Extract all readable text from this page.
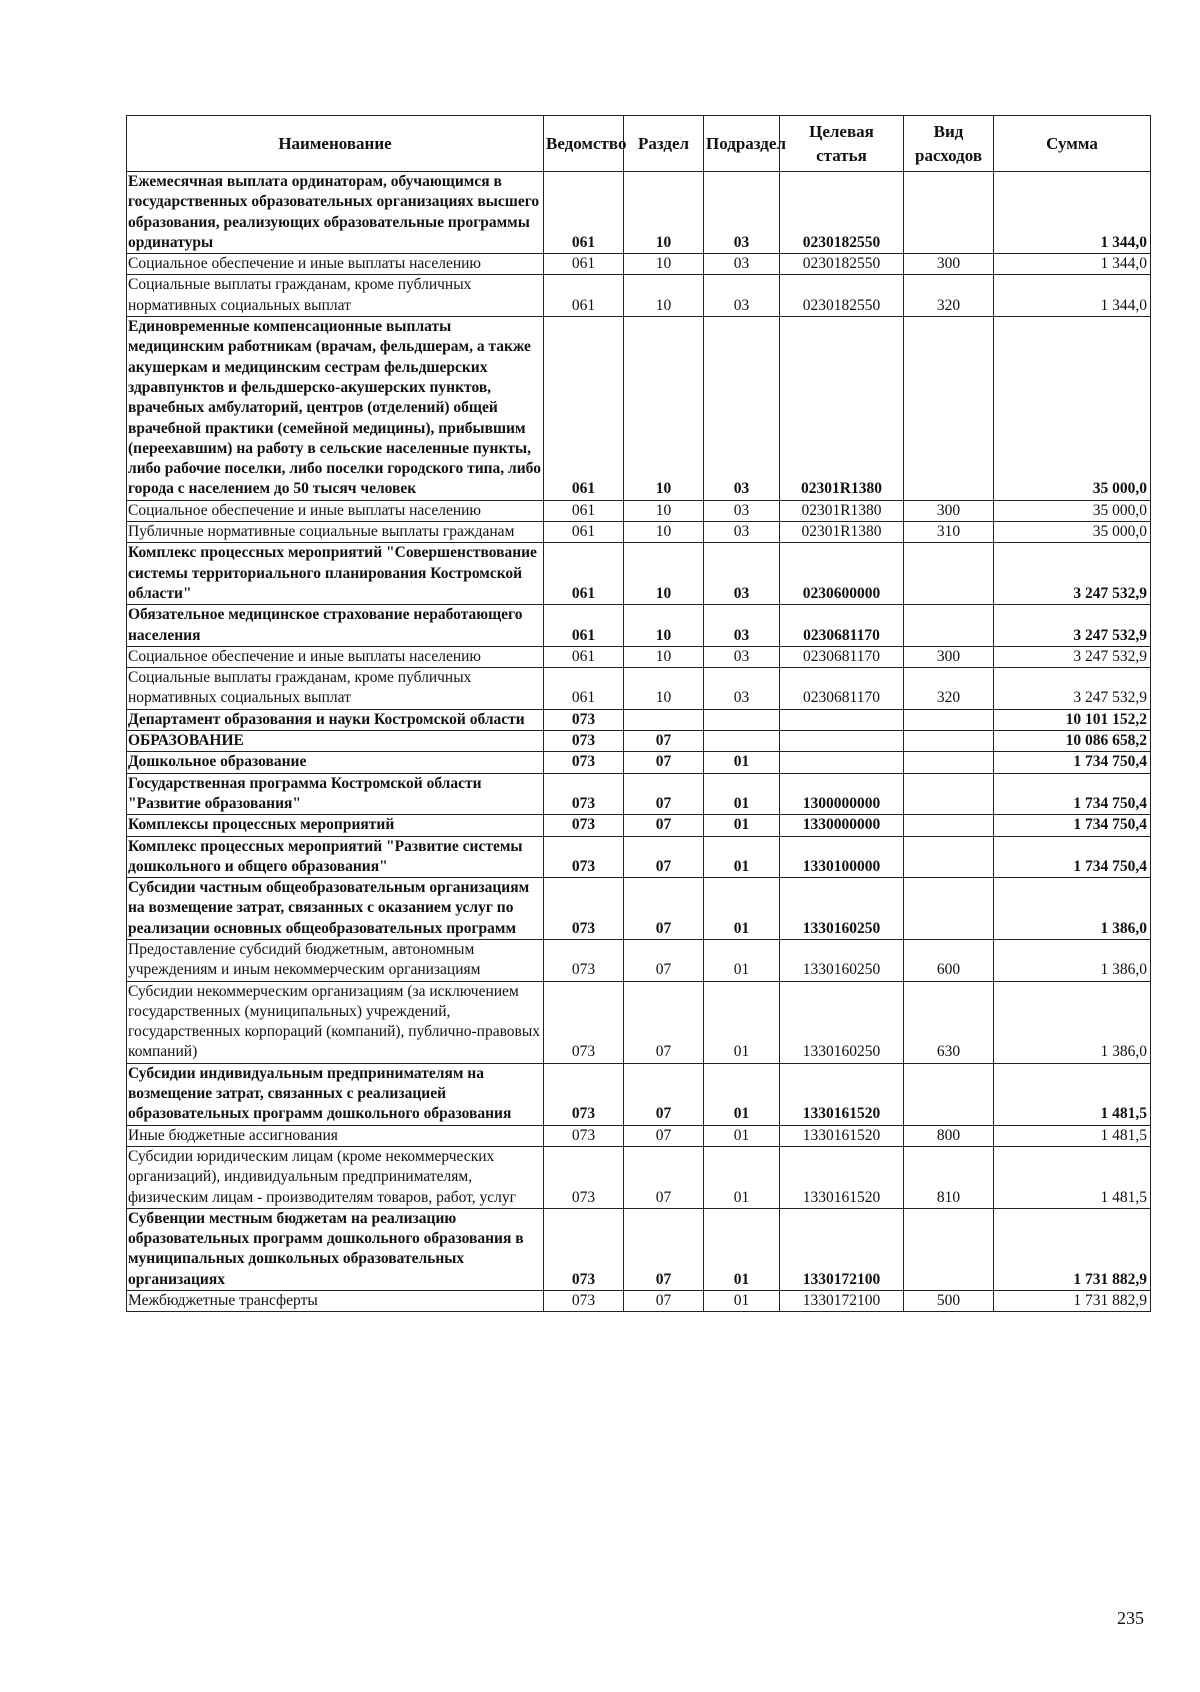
Наименование	Ведомство	Раздел	Подраздел	Целевая статья	Вид расходов	Сумма
Ежемесячная выплата ординаторам, обучающимся в государственных образовательных организациях высшего образования, реализующих образовательные программы ординатуры	061	10	03	0230182550		1 344,0
Социальное обеспечение и иные выплаты населению	061	10	03	0230182550	300	1 344,0
Социальные выплаты гражданам, кроме публичных нормативных социальных выплат	061	10	03	0230182550	320	1 344,0
Единовременные компенсационные выплаты медицинским работникам (врачам, фельдшерам, а также акушеркам и медицинским сестрам фельдшерских здравпунктов и фельдшерско-акушерских пунктов, врачебных амбулаторий, центров (отделений) общей врачебной практики (семейной медицины), прибывшим (переехавшим) на работу в сельские населенные пункты, либо рабочие поселки, либо поселки городского типа, либо города с населением до 50 тысяч человек	061	10	03	02301R1380		35 000,0
Социальное обеспечение и иные выплаты населению	061	10	03	02301R1380	300	35 000,0
Публичные нормативные социальные выплаты гражданам	061	10	03	02301R1380	310	35 000,0
Комплекс процессных мероприятий "Совершенствование системы территориального планирования Костромской области"	061	10	03	0230600000		3 247 532,9
Обязательное медицинское страхование неработающего населения	061	10	03	0230681170		3 247 532,9
Социальное обеспечение и иные выплаты населению	061	10	03	0230681170	300	3 247 532,9
Социальные выплаты гражданам, кроме публичных нормативных социальных выплат	061	10	03	0230681170	320	3 247 532,9
Департамент образования и науки Костромской области	073					10 101 152,2
ОБРАЗОВАНИЕ	073	07				10 086 658,2
Дошкольное образование	073	07	01			1 734 750,4
Государственная программа Костромской области "Развитие образования"	073	07	01	1300000000		1 734 750,4
Комплексы процессных мероприятий	073	07	01	1330000000		1 734 750,4
Комплекс процессных мероприятий "Развитие системы дошкольного и общего образования"	073	07	01	1330100000		1 734 750,4
Субсидии частным общеобразовательным организациям на возмещение затрат, связанных с оказанием услуг по реализации основных общеобразовательных программ	073	07	01	1330160250		1 386,0
Предоставление субсидий бюджетным, автономным учреждениям и иным некоммерческим организациям	073	07	01	1330160250	600	1 386,0
Субсидии некоммерческим организациям (за исключением государственных (муниципальных) учреждений, государственных корпораций (компаний), публично-правовых компаний)	073	07	01	1330160250	630	1 386,0
Субсидии индивидуальным предпринимателям на возмещение затрат, связанных с реализацией образовательных программ дошкольного образования	073	07	01	1330161520		1 481,5
Иные бюджетные ассигнования	073	07	01	1330161520	800	1 481,5
Субсидии юридическим лицам (кроме некоммерческих организаций), индивидуальным предпринимателям, физическим лицам - производителям товаров, работ, услуг	073	07	01	1330161520	810	1 481,5
Субвенции местным бюджетам на реализацию образовательных программ дошкольного образования в муниципальных дошкольных образовательных организациях	073	07	01	1330172100		1 731 882,9
Межбюджетные трансферты	073	07	01	1330172100	500	1 731 882,9
235
